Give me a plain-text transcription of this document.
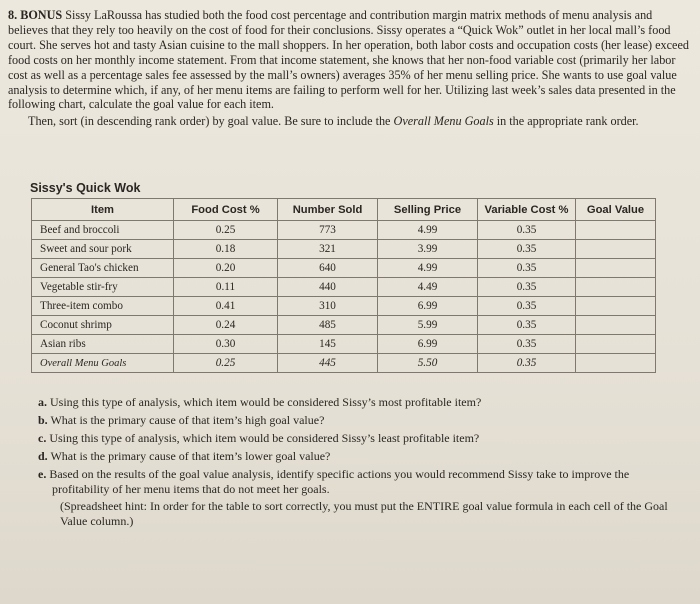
8. BONUS Sissy LaRoussa has studied both the food cost percentage and contribution margin matrix methods of menu analysis and believes that they rely too heavily on the cost of food for their conclusions. Sissy operates a “Quick Wok” outlet in her local mall’s food court. She serves hot and tasty Asian cuisine to the mall shoppers. In her operation, both labor costs and occupation costs (her lease) exceed food costs on her monthly income statement. From that income statement, she knows that her non-food variable cost (primarily her labor cost as well as a percentage sales fee assessed by the mall’s owners) averages 35% of her menu selling price. She wants to use goal value analysis to determine which, if any, of her menu items are failing to perform well for her. Utilizing last week’s sales data presented in the following chart, calculate the goal value for each item.

Then, sort (in descending rank order) by goal value. Be sure to include the Overall Menu Goals in the appropriate rank order.

Sissy's Quick Wok
Item	Food Cost %	Number Sold	Selling Price	Variable Cost %	Goal Value
Beef and broccoli	0.25	773	4.99	0.35	
Sweet and sour pork	0.18	321	3.99	0.35	
General Tao's chicken	0.20	640	4.99	0.35	
Vegetable stir-fry	0.11	440	4.49	0.35	
Three-item combo	0.41	310	6.99	0.35	
Coconut shrimp	0.24	485	5.99	0.35	
Asian ribs	0.30	145	6.99	0.35	
Overall Menu Goals	0.25	445	5.50	0.35	

a. Using this type of analysis, which item would be considered Sissy’s most profitable item?

b. What is the primary cause of that item’s high goal value?

c. Using this type of analysis, which item would be considered Sissy’s least profitable item?

d. What is the primary cause of that item’s lower goal value?

e. Based on the results of the goal value analysis, identify specific actions you would recommend Sissy take to improve the profitability of her menu items that do not meet her goals.

(Spreadsheet hint: In order for the table to sort correctly, you must put the ENTIRE goal value formula in each cell of the Goal Value column.)
